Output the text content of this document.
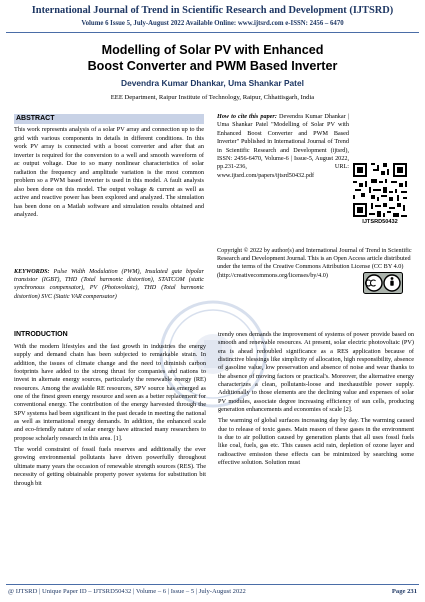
International Journal of Trend in Scientific Research and Development (IJTSRD)
Volume 6 Issue 5, July-August 2022 Available Online: www.ijtsrd.com e-ISSN: 2456 – 6470
Modelling of Solar PV with Enhanced
Boost Converter and PWM Based Inverter
Devendra Kumar Dhankar, Uma Shankar Patel
EEE Department, Raipur Institute of Technology, Raipur, Chhattisgarh, India
ABSTRACT
This work represents analysis of a solar PV array and connection up to the grid with various components in details in different conditions. In this work PV array is connected with a boost converter and after that an inverter is required for the conversion to a well and smooth waveform of ac output voltage. Due to so many nonlinear characteristics of solar radiation the frequency and amplitude variation is the most common problem so a PWM based inverter is used in this model. A fault analysis also been done on this model. The output voltage & current as well as active and reactive power has been explored and analyzed. The simulation has been done on a Matlab software and simulation results obtained and analyzed.
KEYWORDS: Pulse Width Modulation (PWM), Insulated gate bipolar transistor (IGBT), THD (Total harmonic distortion), STATCOM (static synchronous compensator), PV (Photovoltaic), THD (Total harmonic distortion) SVC (Static VAR compensator)
How to cite this paper: Devendra Kumar Dhankar | Uma Shankar Patel "Modelling of Solar PV with Enhanced Boost Converter and PWM Based Inverter" Published in International Journal of Trend in Scientific Research and Development (ijtsrd), ISSN: 2456-6470, Volume-6 | Issue-5, August 2022, pp.231-236, URL: www.ijtsrd.com/papers/ijtsrd50432.pdf
IJTSRD50432
Copyright © 2022 by author(s) and International Journal of Trend in Scientific Research and Development Journal. This is an Open Access article distributed under the terms of the Creative Commons Attribution License (CC BY 4.0) (http://creativecommons.org/licenses/by/4.0)
INTRODUCTION

With the modern lifestyles and the fast growth in industries the energy supply and demand chain has been subjected to remarkable strain. In addition, the issues of climate change and the need to diminish carbon footprints have added to the strong thrust for companies and nations to invest in alternate energy sources, particularly the renewable energy (RE) resources. Among the available RE resources, SPV source has emerged as one of the finest green energy resource and seen as a better replacement for conventional energy. The contribution of the energy harvested through the SPV systems had been significant in the past decade in meeting the national as well as international energy demands. In addition, the enhanced scale and eco-friendly nature of solar energy have attracted many researchers to propose scholarly research in this area. [1].

The world constraint of fossil fuels reserves and additionally the ever growing environmental pollutants have driven powerfully throughout ultimate many years the occasion of renewable strength sources (RES). The necessity of getting obtainable property power systems for substitution bit through bit

trendy ones demands the improvement of systems of power provide based on smooth and renewable resources. At present, solar electric photovoltaic (PV) era is ahead redoubled significance as a RES application because of distinctive blessings like simplicity of allocation, high responsibility, absence of gasoline value, low preservation and absence of noise and wear thanks to the absence of moving factors or practical's. Moreover, the alternative energy characterizes a clean, pollutants-loose and inexhaustible power supply. Additionally to those elements are the declining value and expenses of solar PV modules, associate degree increasing efficiency of sun cells, producing generation enhancements and economies of scale [2].

The warming of global surfaces increasing day by day. The warming caused due to release of toxic gases. Main reason of these gases in the environment is due to air pollution caused by generation plants that all uses fossil fuels like coal, fuels, gas etc. This causes acid rain, depletion of ozone layer and radioactive emission these effects can be minimized by searching some effective solution. Solution must

@ IJTSRD | Unique Paper ID – IJTSRD50432 | Volume – 6 | Issue – 5 | July-August 2022	Page 231
